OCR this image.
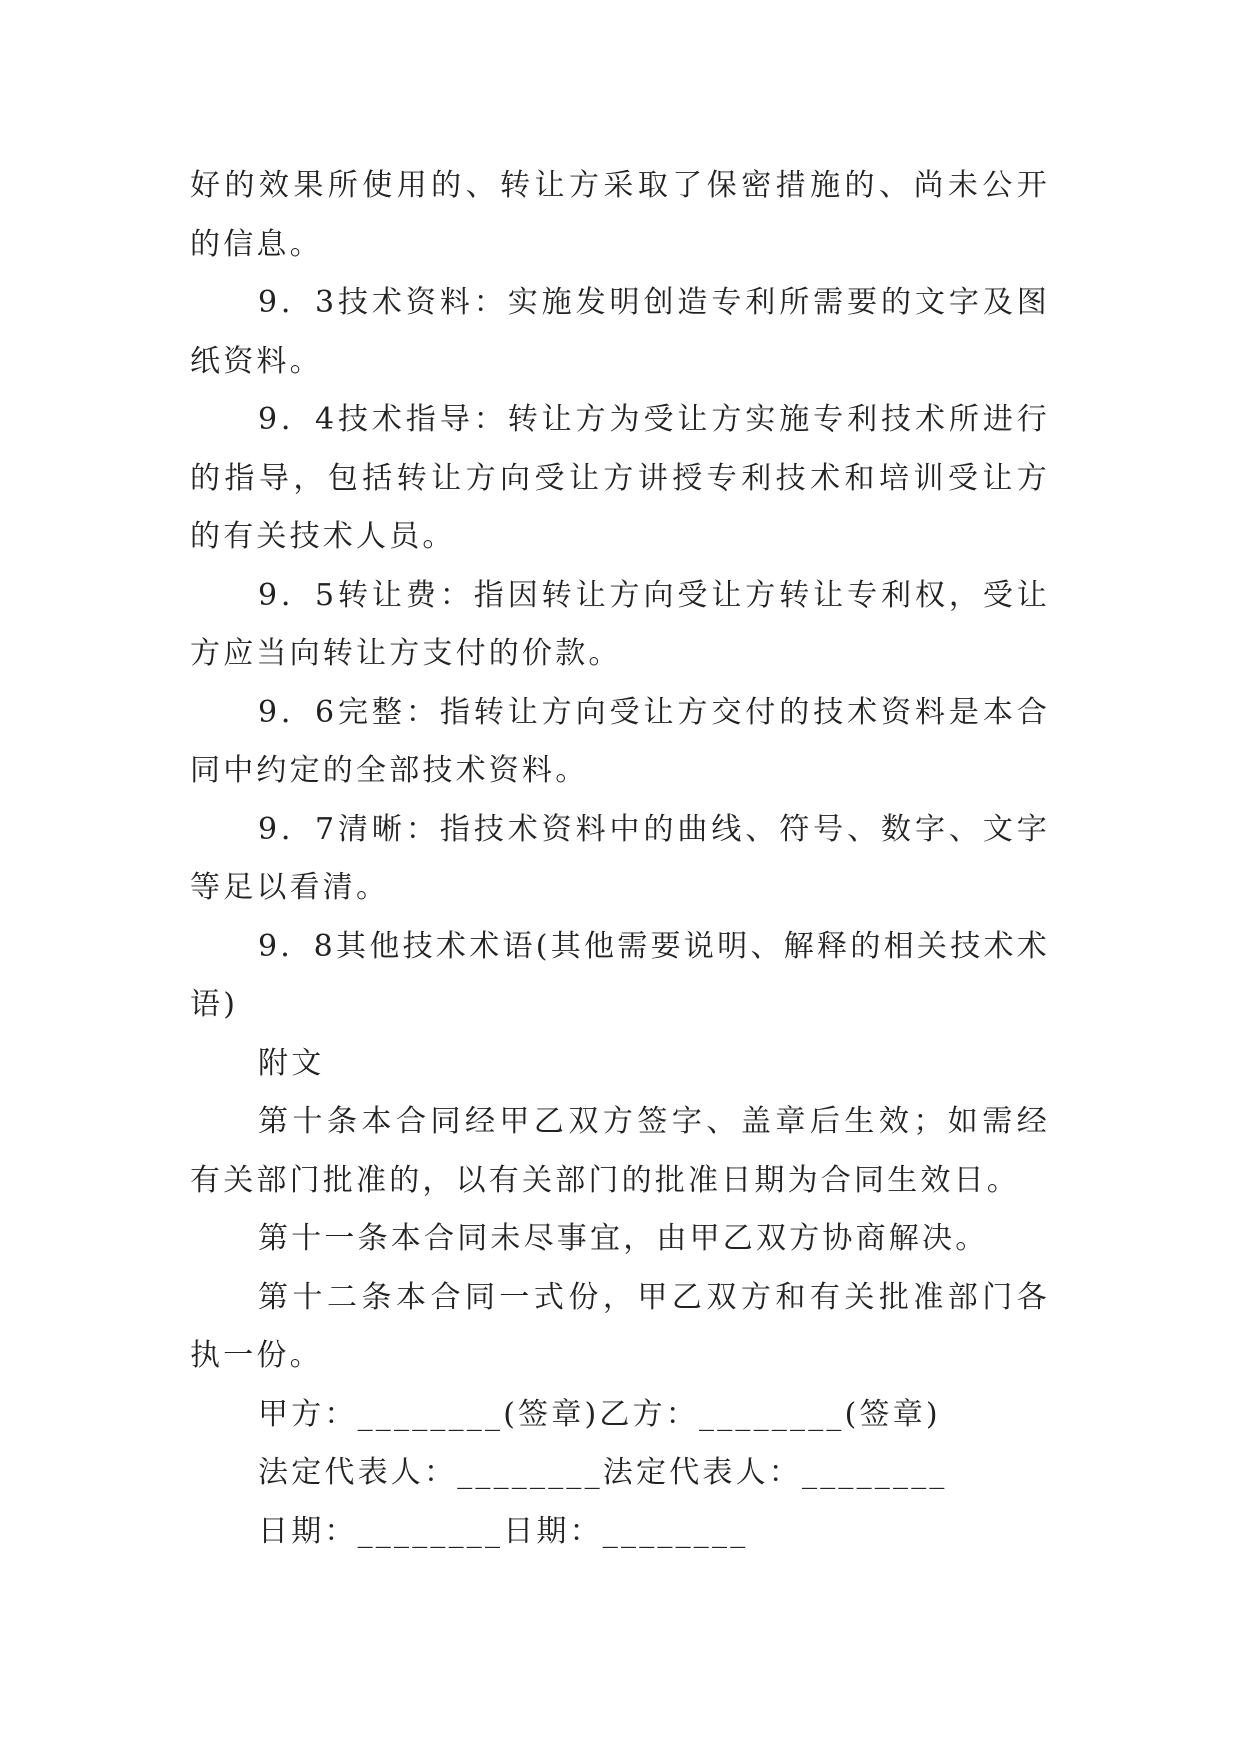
好的效果所使用的、转让方采取了保密措施的、尚未公开的信息。

9．3技术资料：实施发明创造专利所需要的文字及图纸资料。

9．4技术指导：转让方为受让方实施专利技术所进行的指导，包括转让方向受让方讲授专利技术和培训受让方的有关技术人员。

9．5转让费：指因转让方向受让方转让专利权，受让方应当向转让方支付的价款。

9．6完整：指转让方向受让方交付的技术资料是本合同中约定的全部技术资料。

9．7清晰：指技术资料中的曲线、符号、数字、文字等足以看清。

9．8其他技术术语(其他需要说明、解释的相关技术术语)

附文

第十条本合同经甲乙双方签字、盖章后生效；如需经有关部门批准的，以有关部门的批准日期为合同生效日。

第十一条本合同未尽事宜，由甲乙双方协商解决。

第十二条本合同一式份，甲乙双方和有关批准部门各执一份。

甲方：________(签章)乙方：________(签章)
法定代表人：________法定代表人：________
日期：________日期：________
